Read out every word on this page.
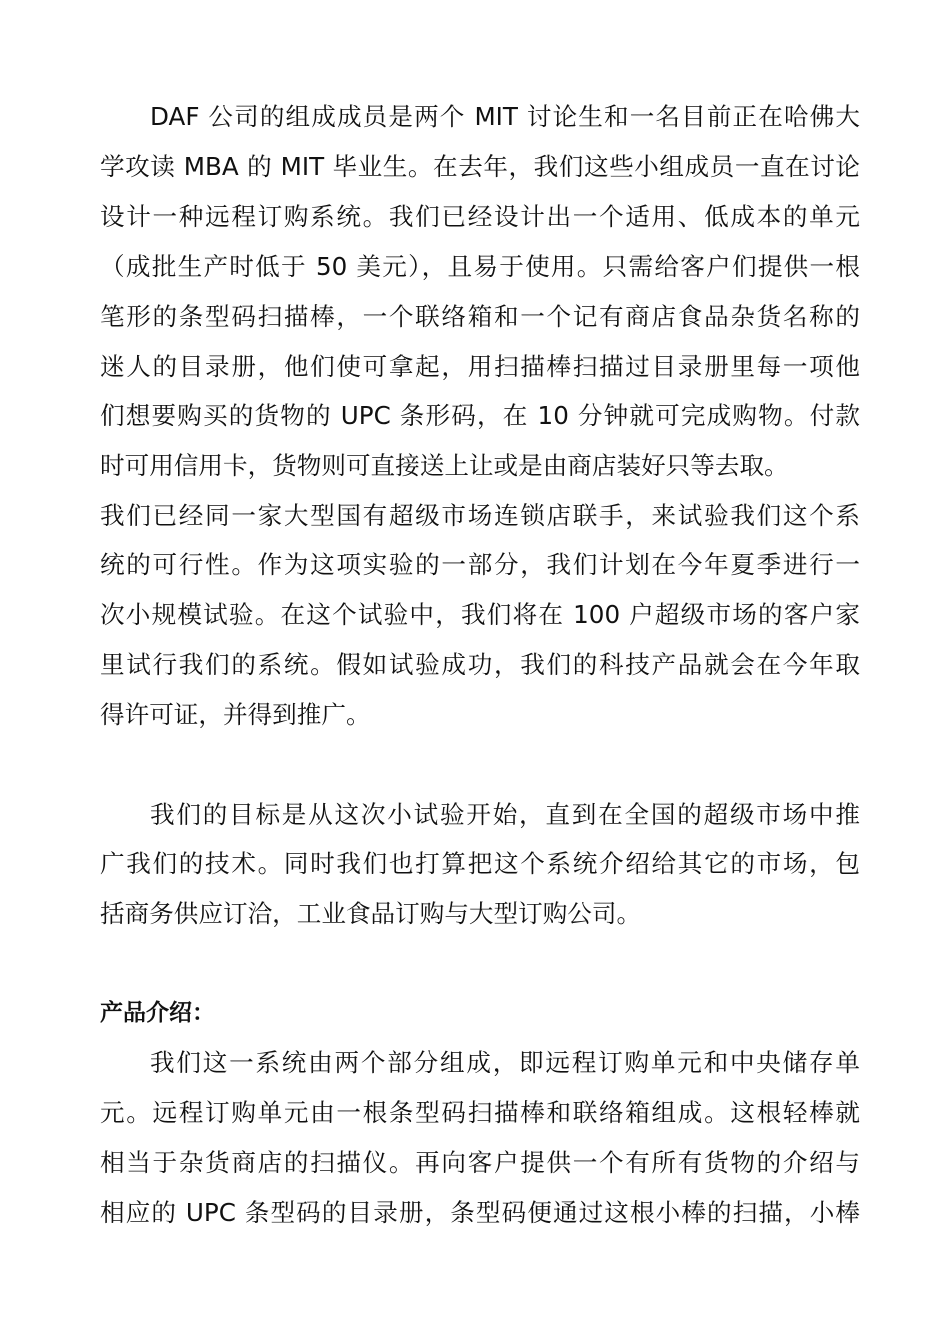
DAF 公司的组成成员是两个 MIT 讨论生和一名目前正在哈佛大
学攻读 MBA 的 MIT 毕业生。在去年，我们这些小组成员一直在讨论
设计一种远程订购系统。我们已经设计出一个适用、低成本的单元
（成批生产时低于 50 美元），且易于使用。只需给客户们提供一根
笔形的条型码扫描棒，一个联络箱和一个记有商店食品杂货名称的
迷人的目录册，他们使可拿起，用扫描棒扫描过目录册里每一项他
们想要购买的货物的 UPC 条形码，在 10 分钟就可完成购物。付款
时可用信用卡，货物则可直接送上让或是由商店装好只等去取。
我们已经同一家大型国有超级市场连锁店联手，来试验我们这个系
统的可行性。作为这项实验的一部分，我们计划在今年夏季进行一
次小规模试验。在这个试验中，我们将在 100 户超级市场的客户家
里试行我们的系统。假如试验成功，我们的科技产品就会在今年取
得许可证，并得到推广。
我们的目标是从这次小试验开始，直到在全国的超级市场中推
广我们的技术。同时我们也打算把这个系统介绍给其它的市场，包
括商务供应订洽，工业食品订购与大型订购公司。
产品介绍：
我们这一系统由两个部分组成，即远程订购单元和中央储存单
元。远程订购单元由一根条型码扫描棒和联络箱组成。这根轻棒就
相当于杂货商店的扫描仪。再向客户提供一个有所有货物的介绍与
相应的 UPC 条型码的目录册，条型码便通过这根小棒的扫描，小棒
